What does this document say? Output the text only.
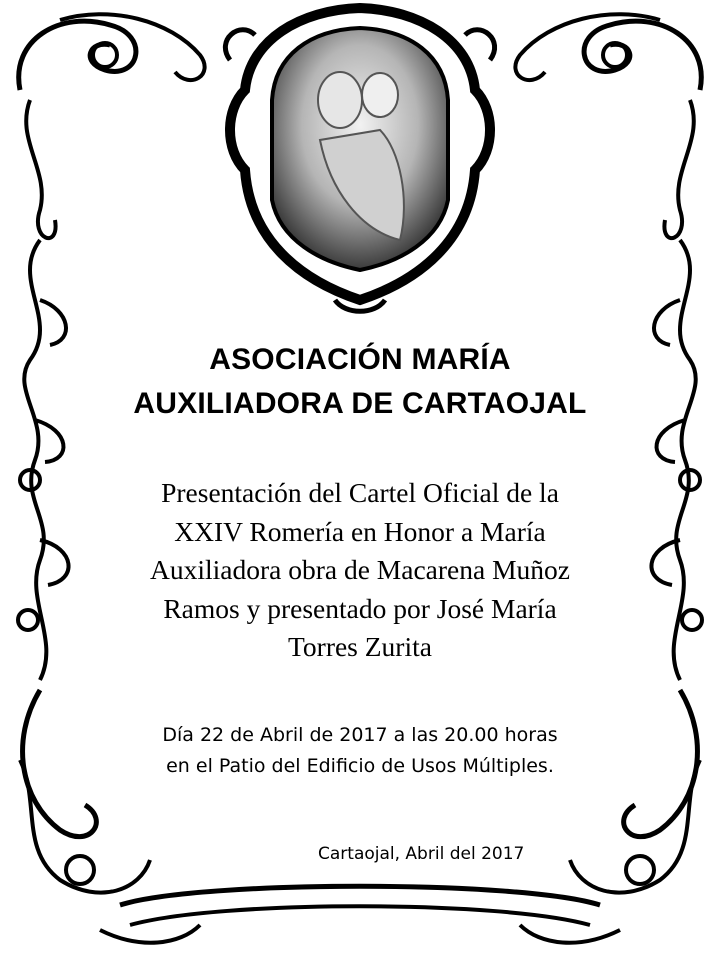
ASOCIACIÓN MARÍA
AUXILIADORA DE CARTAOJAL
Presentación del Cartel Oficial de la
XXIV Romería en Honor a María
Auxiliadora obra de Macarena Muñoz
Ramos y presentado por José María
Torres Zurita
Día 22 de Abril de 2017 a las 20.00 horas
en el Patio del Edificio de Usos Múltiples.

Cartaojal, Abril del 2017
